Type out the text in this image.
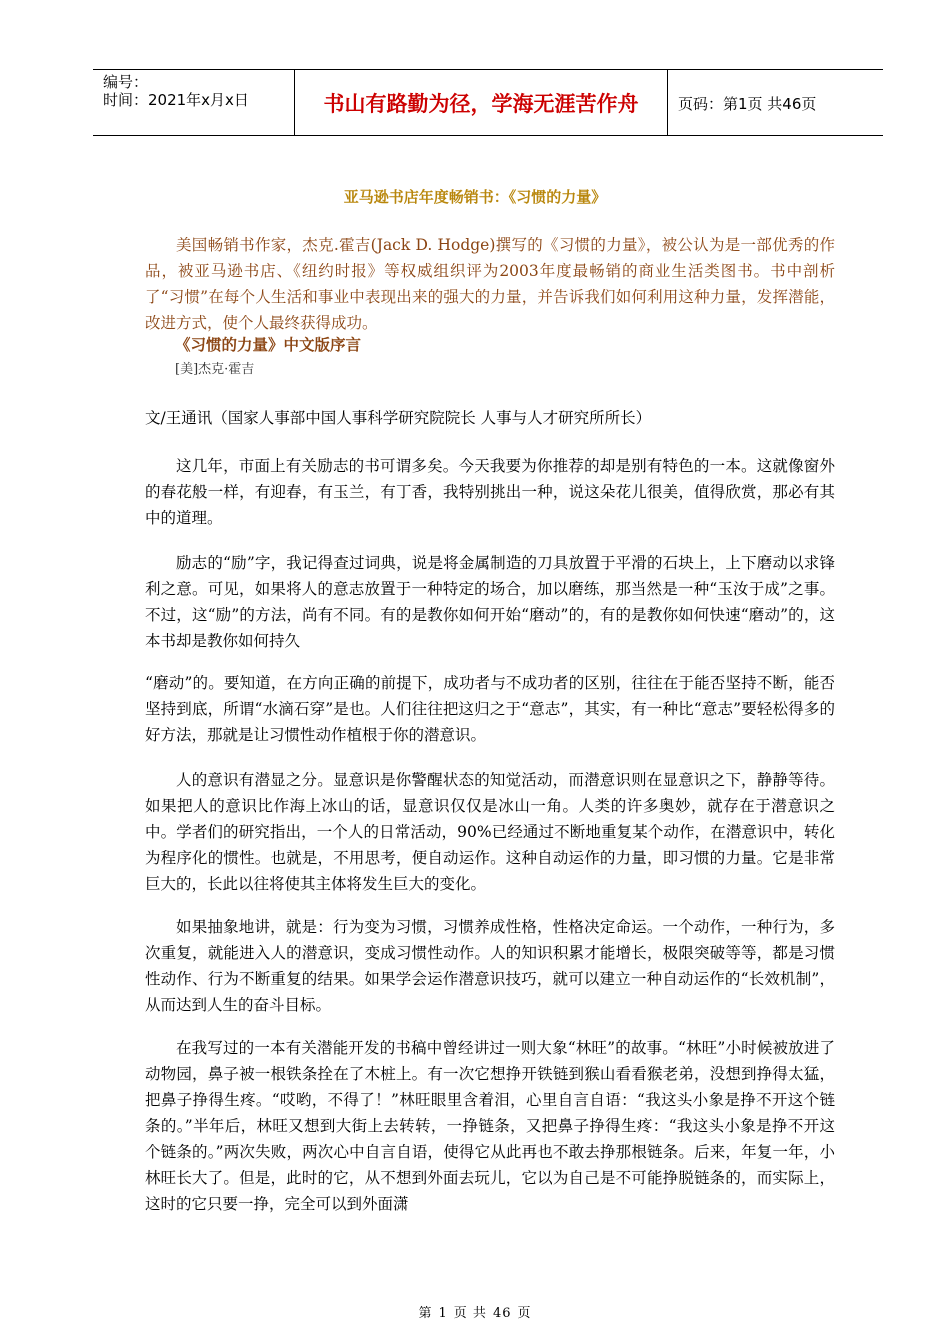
编号：
时间：2021年x月x日	书山有路勤为径，学海无涯苦作舟	页码：第1页 共46页
亚马逊书店年度畅销书：《习惯的力量》

美国畅销书作家，杰克.霍吉(Jack D. Hodge)撰写的《习惯的力量》，被公认为是一部优秀的作品，被亚马逊书店、《纽约时报》等权威组织评为2003年度最畅销的商业生活类图书。书中剖析了“习惯”在每个人生活和事业中表现出来的强大的力量，并告诉我们如何利用这种力量，发挥潜能，改进方式，使个人最终获得成功。

《习惯的力量》中文版序言
[美]杰克·霍吉

文/王通讯（国家人事部中国人事科学研究院院长 人事与人才研究所所长）

这几年，市面上有关励志的书可谓多矣。今天我要为你推荐的却是别有特色的一本。这就像窗外的春花般一样，有迎春，有玉兰，有丁香，我特别挑出一种，说这朵花儿很美，值得欣赏，那必有其中的道理。

励志的“励”字，我记得查过词典，说是将金属制造的刀具放置于平滑的石块上，上下磨动以求锋利之意。可见，如果将人的意志放置于一种特定的场合，加以磨练，那当然是一种“玉汝于成”之事。不过，这“励”的方法，尚有不同。有的是教你如何开始“磨动”的，有的是教你如何快速“磨动”的，这本书却是教你如何持久

“磨动”的。要知道，在方向正确的前提下，成功者与不成功者的区别，往往在于能否坚持不断，能否坚持到底，所谓“水滴石穿”是也。人们往往把这归之于“意志”，其实，有一种比“意志”要轻松得多的好方法，那就是让习惯性动作植根于你的潜意识。

人的意识有潜显之分。显意识是你警醒状态的知觉活动，而潜意识则在显意识之下，静静等待。如果把人的意识比作海上冰山的话，显意识仅仅是冰山一角。人类的许多奥妙，就存在于潜意识之中。学者们的研究指出，一个人的日常活动，90%已经通过不断地重复某个动作，在潜意识中，转化为程序化的惯性。也就是，不用思考，便自动运作。这种自动运作的力量，即习惯的力量。它是非常巨大的，长此以往将使其主体将发生巨大的变化。

如果抽象地讲，就是：行为变为习惯，习惯养成性格，性格决定命运。一个动作，一种行为，多次重复，就能进入人的潜意识，变成习惯性动作。人的知识积累才能增长，极限突破等等，都是习惯性动作、行为不断重复的结果。如果学会运作潜意识技巧，就可以建立一种自动运作的“长效机制”，从而达到人生的奋斗目标。

在我写过的一本有关潜能开发的书稿中曾经讲过一则大象“林旺”的故事。“林旺”小时候被放进了动物园，鼻子被一根铁条拴在了木桩上。有一次它想挣开铁链到猴山看看猴老弟，没想到挣得太猛，把鼻子挣得生疼。“哎哟，不得了！”林旺眼里含着泪，心里自言自语：“我这头小象是挣不开这个链条的。”半年后，林旺又想到大街上去转转，一挣链条，又把鼻子挣得生疼：“我这头小象是挣不开这个链条的。”两次失败，两次心中自言自语，使得它从此再也不敢去挣那根链条。后来，年复一年，小林旺长大了。但是，此时的它，从不想到外面去玩儿，它以为自己是不可能挣脱链条的，而实际上，这时的它只要一挣，完全可以到外面潇

第 1 页 共 46 页
